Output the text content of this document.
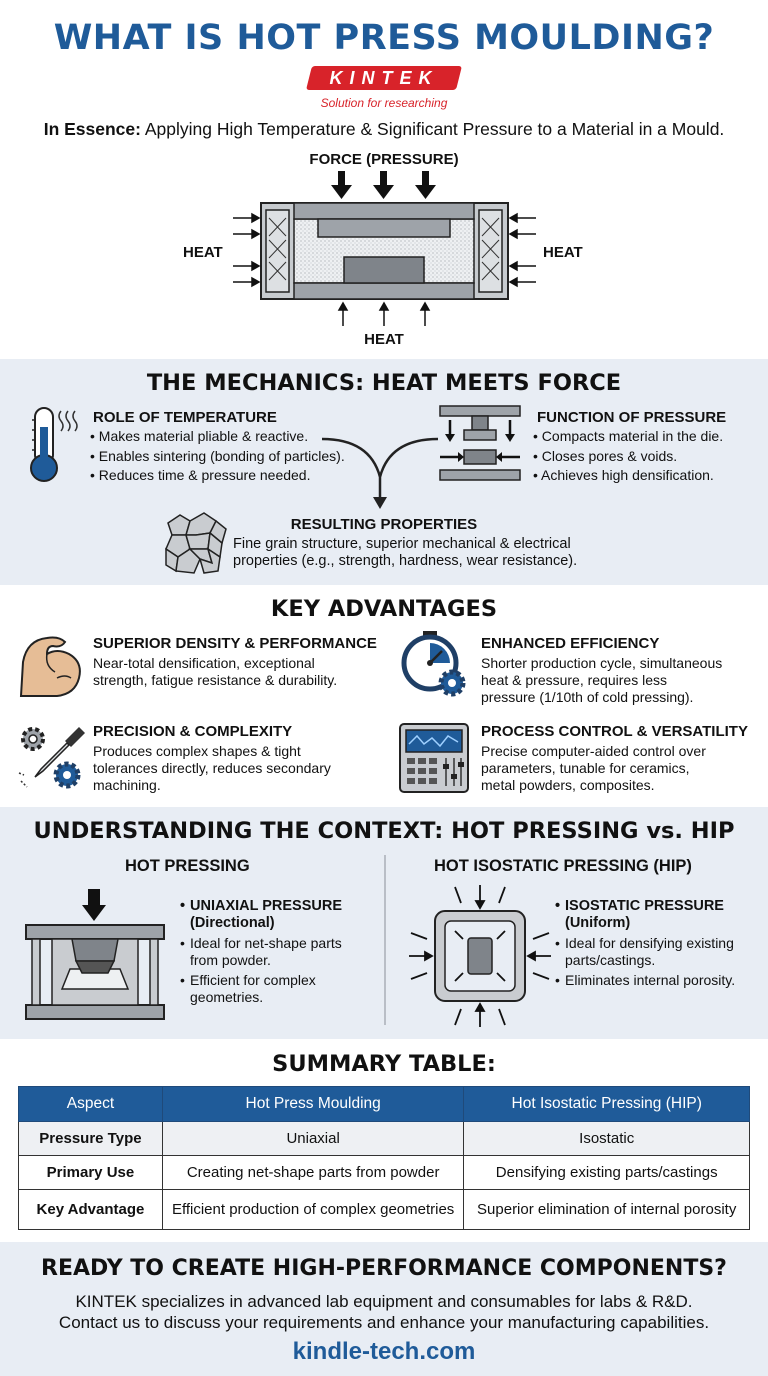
WHAT IS HOT PRESS MOULDING?
KINTEK
Solution for researching
In Essence: Applying High Temperature & Significant Pressure to a Material in a Mould.
FORCE (PRESSURE)
HEAT	HEAT
HEAT
THE MECHANICS: HEAT MEETS FORCE
ROLE OF TEMPERATURE
• Makes material pliable & reactive.
• Enables sintering (bonding of particles).
• Reduces time & pressure needed.
FUNCTION OF PRESSURE
• Compacts material in the die.
• Closes pores & voids.
• Achieves high densification.
RESULTING PROPERTIES
Fine grain structure, superior mechanical & electrical
properties (e.g., strength, hardness, wear resistance).
KEY ADVANTAGES
SUPERIOR DENSITY & PERFORMANCE
Near-total densification, exceptional
strength, fatigue resistance & durability.
ENHANCED EFFICIENCY
Shorter production cycle, simultaneous
heat & pressure, requires less
pressure (1/10th of cold pressing).
PRECISION & COMPLEXITY
Produces complex shapes & tight
tolerances directly, reduces secondary
machining.
PROCESS CONTROL & VERSATILITY
Precise computer-aided control over
parameters, tunable for ceramics,
metal powders, composites.
UNDERSTANDING THE CONTEXT: HOT PRESSING vs. HIP
HOT PRESSING
• UNIAXIAL PRESSURE (Directional)
• Ideal for net-shape parts from powder.
• Efficient for complex geometries.
HOT ISOSTATIC PRESSING (HIP)
• ISOSTATIC PRESSURE (Uniform)
• Ideal for densifying existing parts/castings.
• Eliminates internal porosity.
SUMMARY TABLE:
Aspect	Hot Press Moulding	Hot Isostatic Pressing (HIP)
Pressure Type	Uniaxial	Isostatic
Primary Use	Creating net-shape parts from powder	Densifying existing parts/castings
Key Advantage	Efficient production of complex geometries	Superior elimination of internal porosity
READY TO CREATE HIGH-PERFORMANCE COMPONENTS?
KINTEK specializes in advanced lab equipment and consumables for labs & R&D.
Contact us to discuss your requirements and enhance your manufacturing capabilities.
kindle-tech.com
